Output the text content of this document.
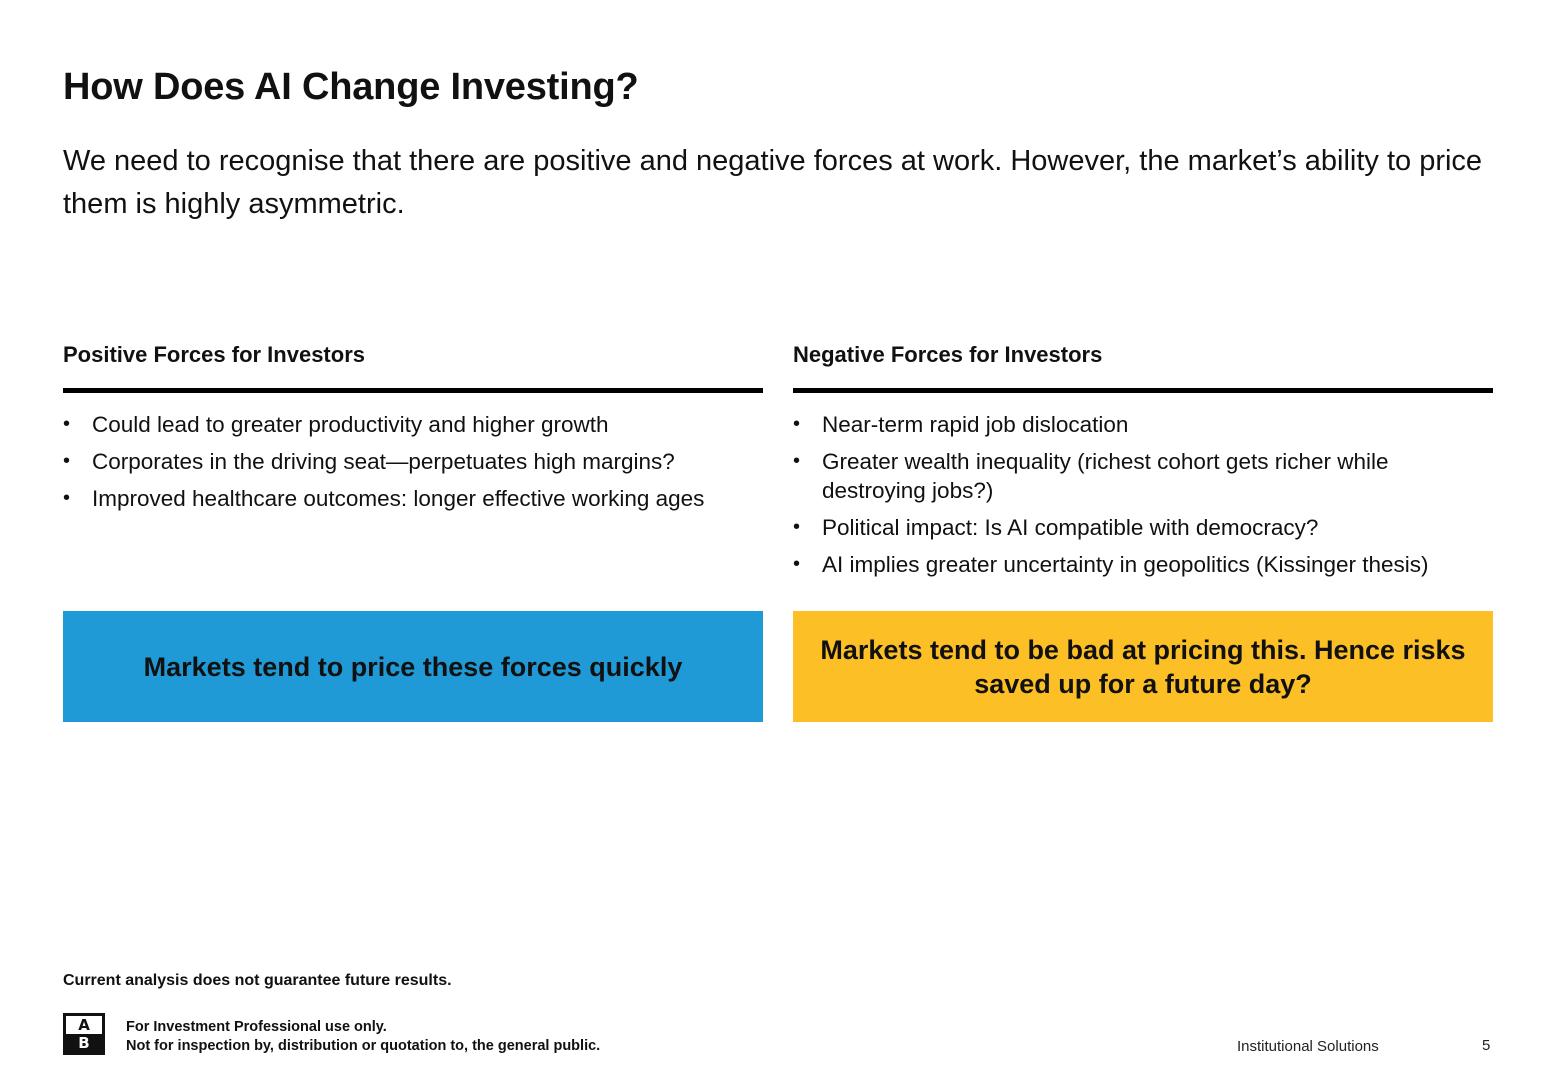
How Does AI Change Investing?

We need to recognise that there are positive and negative forces at work. However, the market’s ability to price them is highly asymmetric.

Positive Forces for Investors
• Could lead to greater productivity and higher growth
• Corporates in the driving seat—perpetuates high margins?
• Improved healthcare outcomes: longer effective working ages
Negative Forces for Investors
• Near-term rapid job dislocation
• Greater wealth inequality (richest cohort gets richer while destroying jobs?)
• Political impact: Is AI compatible with democracy?
• AI implies greater uncertainty in geopolitics (Kissinger thesis)
Markets tend to price these forces quickly
Markets tend to be bad at pricing this. Hence risks saved up for a future day?
Current analysis does not guarantee future results.
A
B
For Investment Professional use only.
Not for inspection by, distribution or quotation to, the general public.	Institutional Solutions	5
